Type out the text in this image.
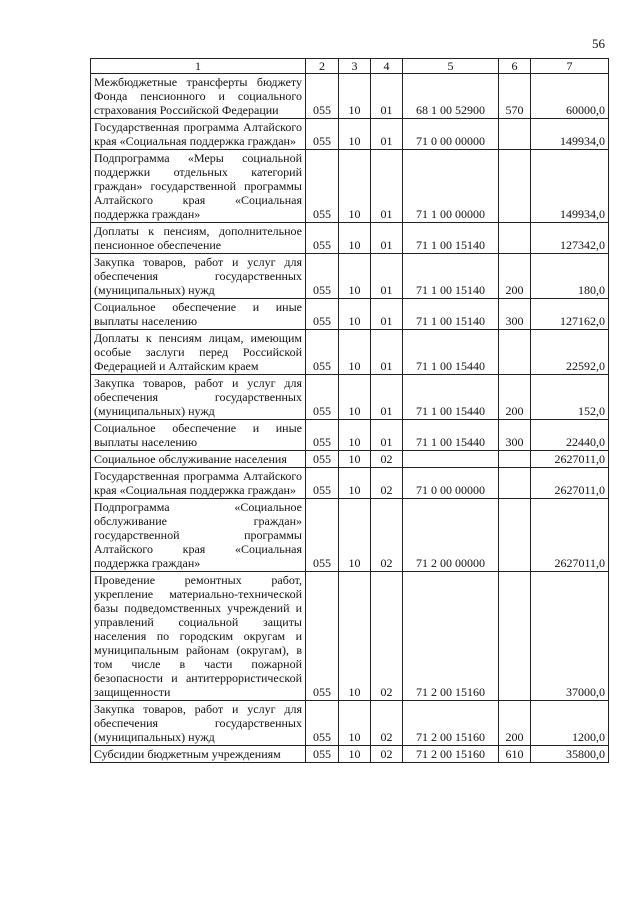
56
1	2	3	4	5	6	7
Межбюджетные трансферты бюджету Фонда пенсионного и социального страхования Российской Федерации	055	10	01	68 1 00 52900	570	60000,0
Государственная программа Алтайского края «Социальная поддержка граждан»	055	10	01	71 0 00 00000		149934,0
Подпрограмма «Меры социальной поддержки отдельных категорий граждан» государственной программы Алтайского края «Социальная поддержка граждан»	055	10	01	71 1 00 00000		149934,0
Доплаты к пенсиям, дополнительное пенсионное обеспечение	055	10	01	71 1 00 15140		127342,0
Закупка товаров, работ и услуг для обеспечения государственных (муниципальных) нужд	055	10	01	71 1 00 15140	200	180,0
Социальное обеспечение и иные выплаты населению	055	10	01	71 1 00 15140	300	127162,0
Доплаты к пенсиям лицам, имеющим особые заслуги перед Российской Федерацией и Алтайским краем	055	10	01	71 1 00 15440		22592,0
Закупка товаров, работ и услуг для обеспечения государственных (муниципальных) нужд	055	10	01	71 1 00 15440	200	152,0
Социальное обеспечение и иные выплаты населению	055	10	01	71 1 00 15440	300	22440,0
Социальное обслуживание населения	055	10	02			2627011,0
Государственная программа Алтайского края «Социальная поддержка граждан»	055	10	02	71 0 00 00000		2627011,0
Подпрограмма «Социальное обслуживание граждан» государственной программы Алтайского края «Социальная поддержка граждан»	055	10	02	71 2 00 00000		2627011,0
Проведение ремонтных работ, укрепление материально-технической базы подведомственных учреждений и управлений социальной защиты населения по городским округам и муниципальным районам (округам), в том числе в части пожарной безопасности и антитеррористической защищенности	055	10	02	71 2 00 15160		37000,0
Закупка товаров, работ и услуг для обеспечения государственных (муниципальных) нужд	055	10	02	71 2 00 15160	200	1200,0
Субсидии бюджетным учреждениям	055	10	02	71 2 00 15160	610	35800,0
